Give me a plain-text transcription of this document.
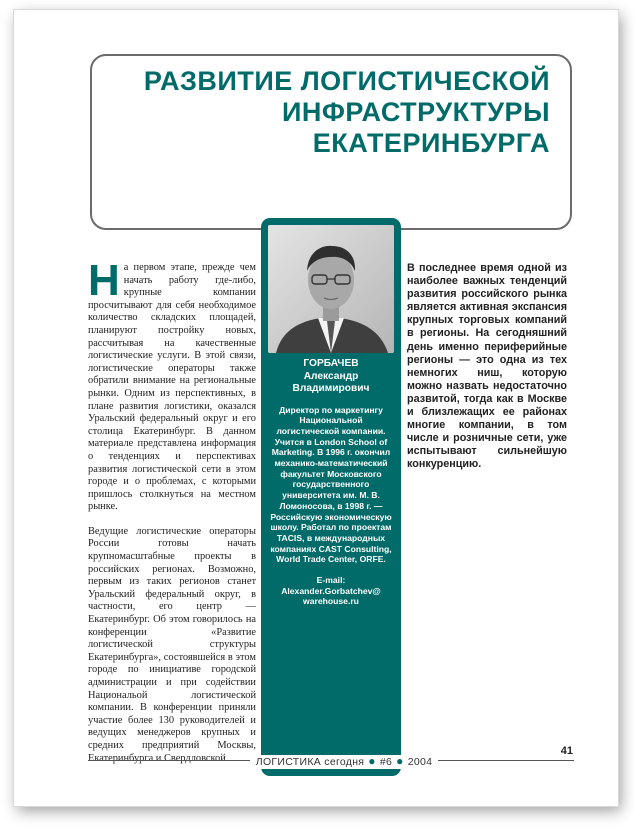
РАЗВИТИЕ ЛОГИСТИЧЕСКОЙ
ИНФРАСТРУКТУРЫ
ЕКАТЕРИНБУРГА

На первом этапе, прежде чем начать работу где-либо, крупные компании просчитывают для себя необходимое количество складских площадей, планируют постройку новых, рассчитывая на качественные логистические услуги. В этой связи, логистические операторы также обратили внимание на региональные рынки. Одним из перспективных, в плане развития логистики, оказался Уральский федеральный округ и его столица Екатеринбург. В данном материале представлена информация о тенденциях и перспективах развития логистической сети в этом городе и о проблемах, с которыми пришлось столкнуться на местном рынке.

Ведущие логистические операторы России готовы начать крупномасштабные проекты в российских регионах. Возможно, первым из таких регионов станет Уральский федеральный округ, в частности, его центр — Екатеринбург. Об этом говорилось на конференции «Развитие логистической структуры Екатеринбурга», состоявшейся в этом городе по инициативе городской администрации и при содействии Национальой логистической компании. В конференции приняли участие более 130 руководителей и ведущих менеджеров крупных и средних предприятий Москвы, Екатеринбурга и Свердловской

ГОРБАЧЕВ
Александр
Владимирович

Директор по маркетингу Национальной логистической компании. Учится в London School of Marketing. В 1996 г. окончил механико-математический факультет Московского государственного университета им. М. В. Ломоносова, в 1998 г. — Российскую экономическую школу. Работал по проектам TACIS, в международных компаниях CAST Consulting, World Trade Center, ORFE.

E-mail:
Alexander.Gorbatchev@
warehouse.ru

В последнее время одной из наиболее важных тенденций развития российского рынка является активная экспансия крупных торговых компаний в регионы. На сегодняшний день именно периферийные регионы — это одна из тех немногих ниш, которую можно назвать недостаточно развитой, тогда как в Москве и близлежащих ее районах многие компании, в том числе и розничные сети, уже испытывают сильнейшую конкуренцию.

ЛОГИСТИКА сегодня ● #6 ● 2004
41
